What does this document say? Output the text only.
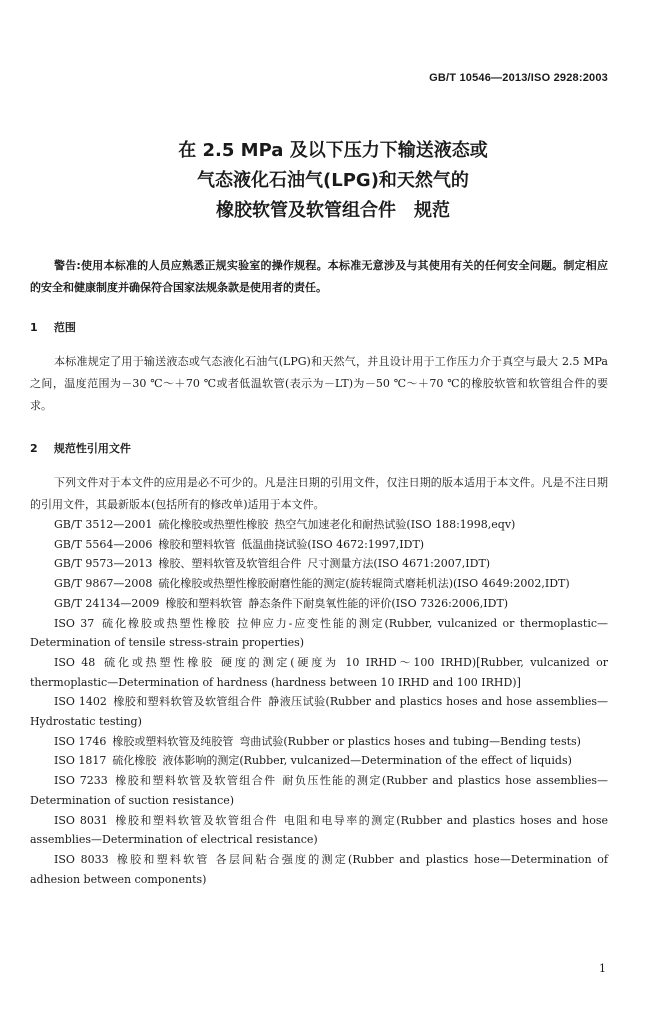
GB/T 10546—2013/ISO 2928:2003
在 2.5 MPa 及以下压力下输送液态或
气态液化石油气(LPG)和天然气的
橡胶软管及软管组合件　规范
警告:使用本标准的人员应熟悉正规实验室的操作规程。本标准无意涉及与其使用有关的任何安全问题。制定相应的安全和健康制度并确保符合国家法规条款是使用者的责任。
1 范围
本标准规定了用于输送液态或气态液化石油气(LPG)和天然气，并且设计用于工作压力介于真空与最大 2.5 MPa 之间，温度范围为－30 ℃～＋70 ℃或者低温软管(表示为－LT)为－50 ℃～＋70 ℃的橡胶软管和软管组合件的要求。
2 规范性引用文件
下列文件对于本文件的应用是必不可少的。凡是注日期的引用文件，仅注日期的版本适用于本文件。凡是不注日期的引用文件，其最新版本(包括所有的修改单)适用于本文件。
GB/T 3512—2001 硫化橡胶或热塑性橡胶 热空气加速老化和耐热试验(ISO 188:1998,eqv)
GB/T 5564—2006 橡胶和塑料软管 低温曲挠试验(ISO 4672:1997,IDT)
GB/T 9573—2013 橡胶、塑料软管及软管组合件 尺寸测量方法(ISO 4671:2007,IDT)
GB/T 9867—2008 硫化橡胶或热塑性橡胶耐磨性能的测定(旋转辊筒式磨耗机法)(ISO 4649:2002,IDT)
GB/T 24134—2009 橡胶和塑料软管 静态条件下耐臭氧性能的评价(ISO 7326:2006,IDT)
ISO 37 硫化橡胶或热塑性橡胶 拉伸应力-应变性能的测定(Rubber, vulcanized or thermoplastic—Determination of tensile stress-strain properties)
ISO 48 硫化或热塑性橡胶 硬度的测定(硬度为 10 IRHD～100 IRHD)[Rubber, vulcanized or thermoplastic—Determination of hardness (hardness between 10 IRHD and 100 IRHD)]
ISO 1402 橡胶和塑料软管及软管组合件 静液压试验(Rubber and plastics hoses and hose assemblies—Hydrostatic testing)
ISO 1746 橡胶或塑料软管及纯胶管 弯曲试验(Rubber or plastics hoses and tubing—Bending tests)
ISO 1817 硫化橡胶 液体影响的测定(Rubber, vulcanized—Determination of the effect of liquids)
ISO 7233 橡胶和塑料软管及软管组合件 耐负压性能的测定(Rubber and plastics hose assemblies—Determination of suction resistance)
ISO 8031 橡胶和塑料软管及软管组合件 电阻和电导率的测定(Rubber and plastics hoses and hose assemblies—Determination of electrical resistance)
ISO 8033 橡胶和塑料软管 各层间粘合强度的测定(Rubber and plastics hose—Determination of adhesion between components)
1
